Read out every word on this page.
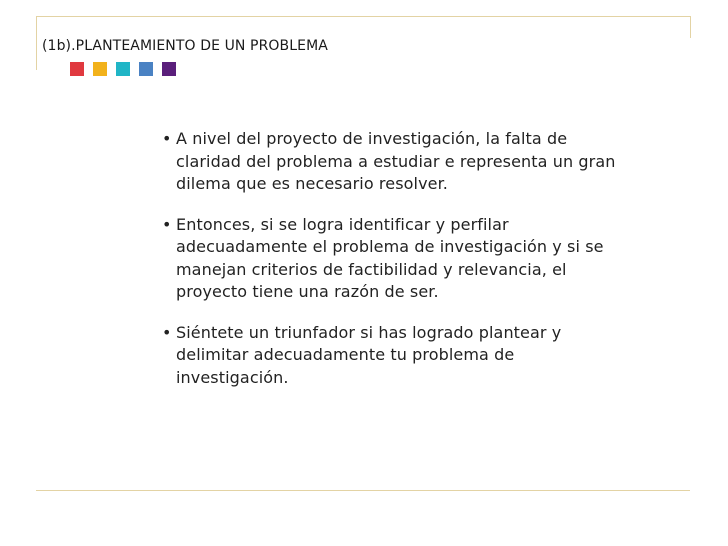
(1b).PLANTEAMIENTO DE UN PROBLEMA
• A nivel del proyecto de investigación, la falta de claridad del problema a estudiar e representa un gran dilema que es necesario resolver.
• Entonces, si se logra identificar y perfilar adecuadamente el problema de investigación y si se manejan criterios de factibilidad y relevancia, el proyecto tiene una razón de ser.
• Siéntete un triunfador si has logrado plantear y delimitar adecuadamente tu problema de investigación.
